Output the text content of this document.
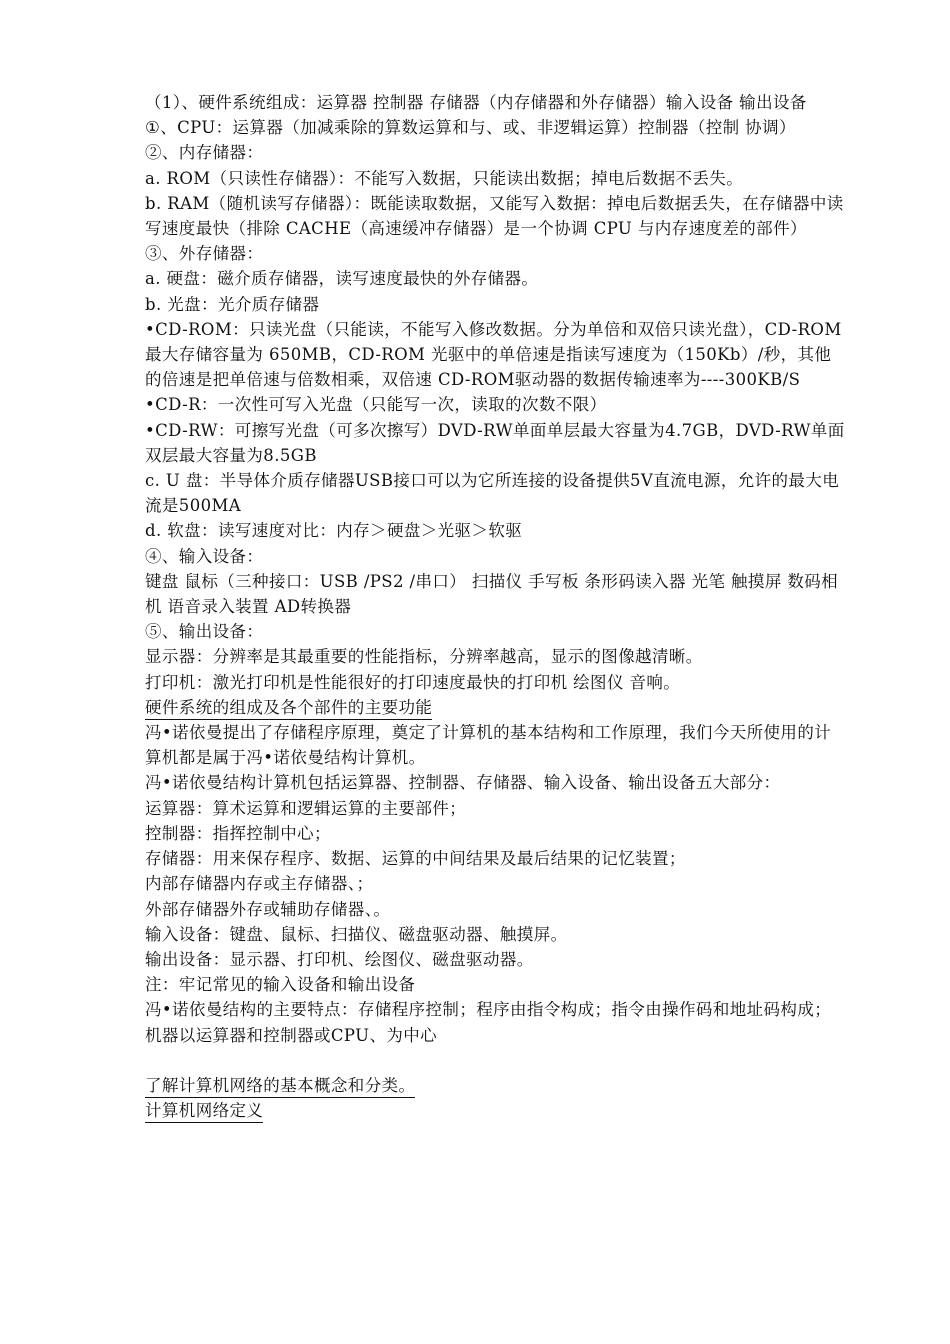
（1）、硬件系统组成：运算器 控制器 存储器（内存储器和外存储器）输入设备 输出设备
①、CPU：运算器（加减乘除的算数运算和与、或、非逻辑运算）控制器（控制 协调）
②、内存储器：
a. ROM（只读性存储器）：不能写入数据，只能读出数据；掉电后数据不丢失。
b. RAM（随机读写存储器）：既能读取数据，又能写入数据：掉电后数据丢失，在存储器中读写速度最快（排除 CACHE（高速缓冲存储器）是一个协调 CPU 与内存速度差的部件）
③、外存储器：
a. 硬盘：磁介质存储器，读写速度最快的外存储器。
b. 光盘：光介质存储器
•CD-ROM：只读光盘（只能读，不能写入修改数据。分为单倍和双倍只读光盘），CD-ROM 最大存储容量为 650MB，CD-ROM 光驱中的单倍速是指读写速度为（150Kb）/秒，其他的倍速是把单倍速与倍数相乘，双倍速 CD-ROM驱动器的数据传输速率为----300KB/S
•CD-R：一次性可写入光盘（只能写一次，读取的次数不限）
•CD-RW：可擦写光盘（可多次擦写）DVD-RW单面单层最大容量为4.7GB，DVD-RW单面双层最大容量为8.5GB
c. U 盘：半导体介质存储器USB接口可以为它所连接的设备提供5V直流电源，允许的最大电流是500MA
d. 软盘：读写速度对比：内存＞硬盘＞光驱＞软驱
④、输入设备：
键盘 鼠标（三种接口：USB /PS2 /串口） 扫描仪 手写板 条形码读入器 光笔 触摸屏 数码相机 语音录入装置 AD转换器
⑤、输出设备：
显示器：分辨率是其最重要的性能指标，分辨率越高，显示的图像越清晰。
打印机：激光打印机是性能很好的打印速度最快的打印机 绘图仪 音响。
硬件系统的组成及各个部件的主要功能
冯•诺依曼提出了存储程序原理，奠定了计算机的基本结构和工作原理，我们今天所使用的计算机都是属于冯•诺依曼结构计算机。
冯•诺依曼结构计算机包括运算器、控制器、存储器、输入设备、输出设备五大部分：
运算器：算术运算和逻辑运算的主要部件；
控制器：指挥控制中心；
存储器：用来保存程序、数据、运算的中间结果及最后结果的记忆装置；
内部存储器内存或主存储器、；
外部存储器外存或辅助存储器、。
输入设备：键盘、鼠标、扫描仪、磁盘驱动器、触摸屏。
输出设备：显示器、打印机、绘图仪、磁盘驱动器。
注：牢记常见的输入设备和输出设备
冯•诺依曼结构的主要特点：存储程序控制；程序由指令构成；指令由操作码和地址码构成；机器以运算器和控制器或CPU、为中心
了解计算机网络的基本概念和分类。
计算机网络定义
